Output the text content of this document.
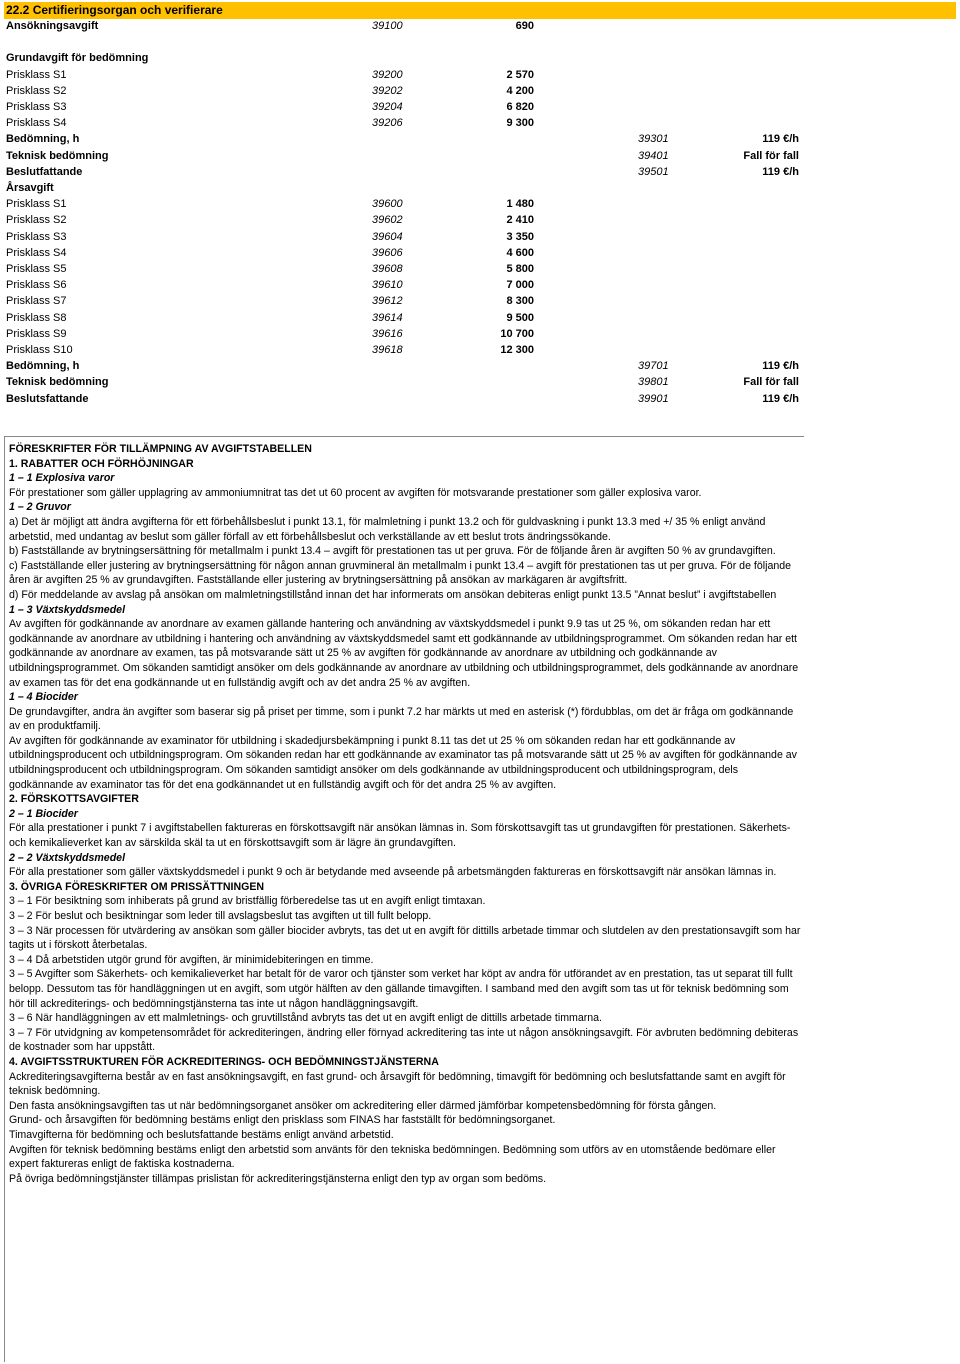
22.2 Certifieringsorgan och verifierare
Ansökningsavgift	39100	690
Grundavgift för bedömning
Prisklass S1	39200	2 570
Prisklass S2	39202	4 200
Prisklass S3	39204	6 820
Prisklass S4	39206	9 300
Bedömning, h	39301	119 €/h
Teknisk bedömning	39401	Fall för fall
Beslutfattande	39501	119 €/h
Årsavgift
Prisklass S1	39600	1 480
Prisklass S2	39602	2 410
Prisklass S3	39604	3 350
Prisklass S4	39606	4 600
Prisklass S5	39608	5 800
Prisklass S6	39610	7 000
Prisklass S7	39612	8 300
Prisklass S8	39614	9 500
Prisklass S9	39616	10 700
Prisklass S10	39618	12 300
Bedömning, h	39701	119 €/h
Teknisk bedömning	39801	Fall för fall
Beslutsfattande	39901	119 €/h

FÖRESKRIFTER FÖR TILLÄMPNING AV AVGIFTSTABELLEN

1. RABATTER OCH FÖRHÖJNINGAR

1 – 1 Explosiva varor

För prestationer som gäller upplagring av ammoniumnitrat tas det ut 60 procent av avgiften för motsvarande prestationer som gäller explosiva varor.

1 – 2 Gruvor

a) Det är möjligt att ändra avgifterna för ett förbehållsbeslut i punkt 13.1, för malmletning i punkt 13.2 och för guldvaskning i punkt 13.3 med +/ 35 % enligt använd arbetstid, med undantag av beslut som gäller förfall av ett förbehållsbeslut och verkställande av ett beslut trots ändringssökande.

b) Fastställande av brytningsersättning för metallmalm i punkt 13.4 – avgift för prestationen tas ut per gruva. För de följande åren är avgiften 50 % av grundavgiften.

c) Fastställande eller justering av brytningsersättning för någon annan gruvmineral än metallmalm i punkt 13.4 – avgift för prestationen tas ut per gruva. För de följande åren är avgiften 25 % av grundavgiften. Fastställande eller justering av brytningsersättning på ansökan av markägaren är avgiftsfritt.

d) För meddelande av avslag på ansökan om malmletningstillstånd innan det har informerats om ansökan debiteras enligt punkt 13.5 ”Annat beslut” i avgiftstabellen

1 – 3 Växtskyddsmedel

Av avgiften för godkännande av anordnare av examen gällande hantering och användning av växtskyddsmedel i punkt 9.9 tas ut 25 %, om sökanden redan har ett godkännande av anordnare av utbildning i hantering och användning av växtskyddsmedel samt ett godkännande av utbildningsprogrammet. Om sökanden redan har ett godkännande av anordnare av examen, tas på motsvarande sätt ut 25 % av avgiften för godkännande av anordnare av utbildning och godkännande av utbildningsprogrammet. Om sökanden samtidigt ansöker om dels godkännande av anordnare av utbildning och utbildningsprogrammet, dels godkännande av anordnare av examen tas för det ena godkännande ut en fullständig avgift och av det andra 25 % av avgiften.

1 – 4 Biocider

De grundavgifter, andra än avgifter som baserar sig på priset per timme, som i punkt 7.2 har märkts ut med en asterisk (*) fördubblas, om det är fråga om godkännande av en produktfamilj.

Av avgiften för godkännande av examinator för utbildning i skadedjursbekämpning i punkt 8.11 tas det ut 25 % om sökanden redan har ett godkännande av utbildningsproducent och utbildningsprogram. Om sökanden redan har ett godkännande av examinator tas på motsvarande sätt ut 25 % av avgiften för godkännande av utbildningsproducent och utbildningsprogram. Om sökanden samtidigt ansöker om dels godkännande av utbildningsproducent och utbildningsprogram, dels godkännande av examinator tas för det ena godkännandet ut en fullständig avgift och för det andra 25 % av avgiften.

2. FÖRSKOTTSAVGIFTER

2 – 1 Biocider

För alla prestationer i punkt 7 i avgiftstabellen faktureras en förskottsavgift när ansökan lämnas in. Som förskottsavgift tas ut grundavgiften för prestationen. Säkerhets- och kemikalieverket kan av särskilda skäl ta ut en förskottsavgift som är lägre än grundavgiften.

2 – 2 Växtskyddsmedel

För alla prestationer som gäller växtskyddsmedel i punkt 9 och är betydande med avseende på arbetsmängden faktureras en förskottsavgift när ansökan lämnas in.

3. ÖVRIGA FÖRESKRIFTER OM PRISSÄTTNINGEN

3 – 1 För besiktning som inhiberats på grund av bristfällig förberedelse tas ut en avgift enligt timtaxan.

3 – 2 För beslut och besiktningar som leder till avslagsbeslut tas avgiften ut till fullt belopp.

3 – 3 När processen för utvärdering av ansökan som gäller biocider avbryts, tas det ut en avgift för dittills arbetade timmar och slutdelen av den prestationsavgift som har tagits ut i förskott återbetalas.

3 – 4 Då arbetstiden utgör grund för avgiften, är minimidebiteringen en timme.

3 – 5 Avgifter som Säkerhets- och kemikalieverket har betalt för de varor och tjänster som verket har köpt av andra för utförandet av en prestation, tas ut separat till fullt belopp. Dessutom tas för handläggningen ut en avgift, som utgör hälften av den gällande timavgiften. I samband med den avgift som tas ut för teknisk bedömning som hör till ackrediterings- och bedömningstjänsterna tas inte ut någon handläggningsavgift.

3 – 6 När handläggningen av ett malmletnings- och gruvtillstånd avbryts tas det ut en avgift enligt de dittills arbetade timmarna.

3 – 7 För utvidgning av kompetensområdet för ackrediteringen, ändring eller förnyad ackreditering tas inte ut någon ansökningsavgift. För avbruten bedömning debiteras de kostnader som har uppstått.

4. AVGIFTSSTRUKTUREN FÖR ACKREDITERINGS- OCH BEDÖMNINGSTJÄNSTERNA

Ackrediteringsavgifterna består av en fast ansökningsavgift, en fast grund- och årsavgift för bedömning, timavgift för bedömning och beslutsfattande samt en avgift för teknisk bedömning.

Den fasta ansökningsavgiften tas ut när bedömningsorganet ansöker om ackreditering eller därmed jämförbar kompetensbedömning för första gången.

Grund- och årsavgiften för bedömning bestäms enligt den prisklass som FINAS har fastställt för bedömningsorganet.

Timavgifterna för bedömning och beslutsfattande bestäms enligt använd arbetstid.

Avgiften för teknisk bedömning bestäms enligt den arbetstid som använts för den tekniska bedömningen. Bedömning som utförs av en utomstående bedömare eller expert faktureras enligt de faktiska kostnaderna.

På övriga bedömningstjänster tillämpas prislistan för ackrediteringstjänsterna enligt den typ av organ som bedöms.
